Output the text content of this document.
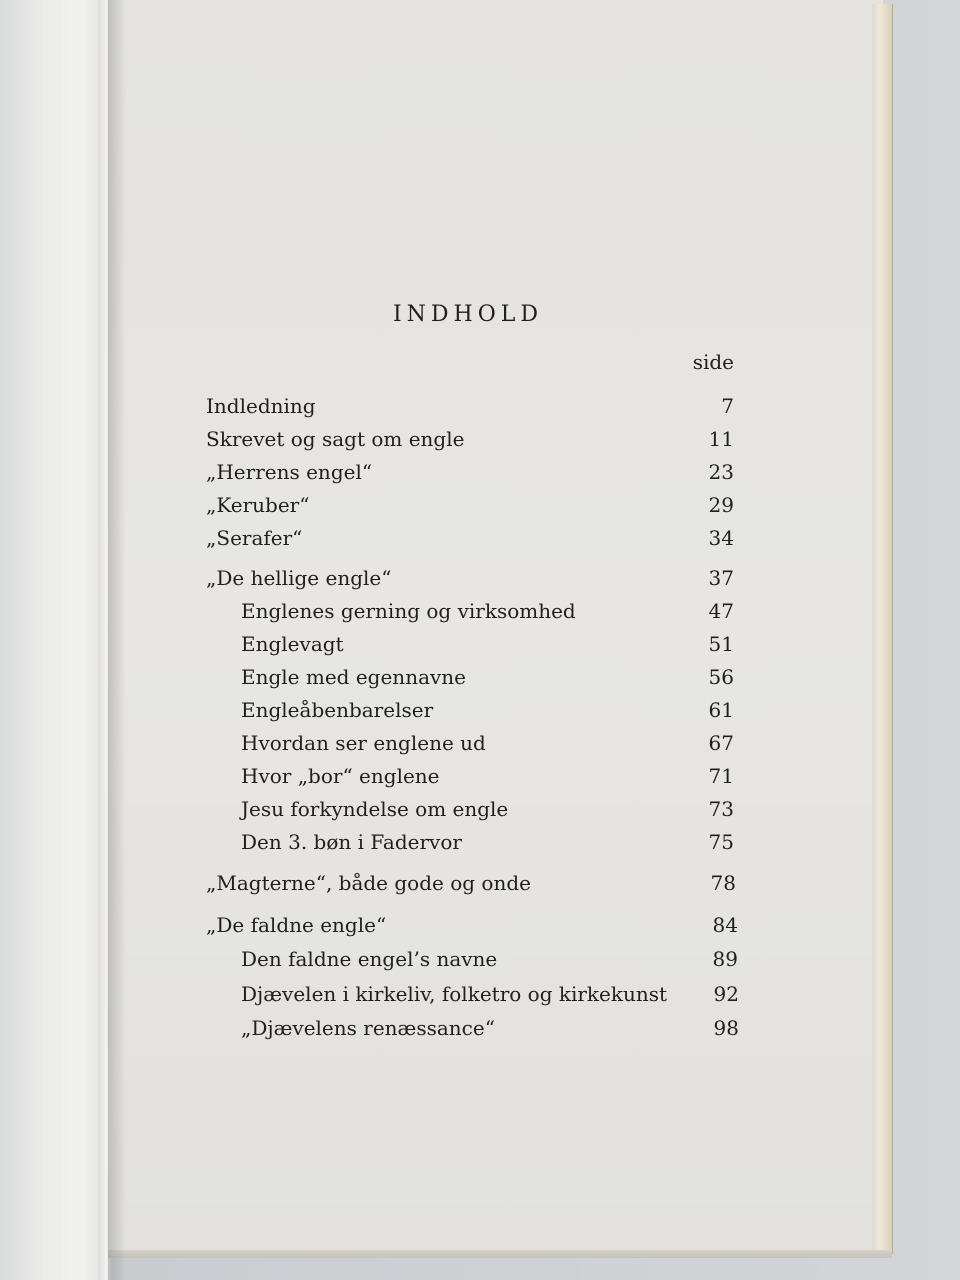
INDHOLD
side
Indledning	7
Skrevet og sagt om engle	11
„Herrens engel“	23
„Keruber“	29
„Serafer“	34
„De hellige engle“	37
Englenes gerning og virksomhed	47
Englevagt	51
Engle med egennavne	56
Engleåbenbarelser	61
Hvordan ser englene ud	67
Hvor „bor“ englene	71
Jesu forkyndelse om engle	73
Den 3. bøn i Fadervor	75
„Magterne“, både gode og onde	78
„De faldne engle“	84
Den faldne engel’s navne	89
Djævelen i kirkeliv, folketro og kirkekunst 92
„Djævelens renæssance“	98
